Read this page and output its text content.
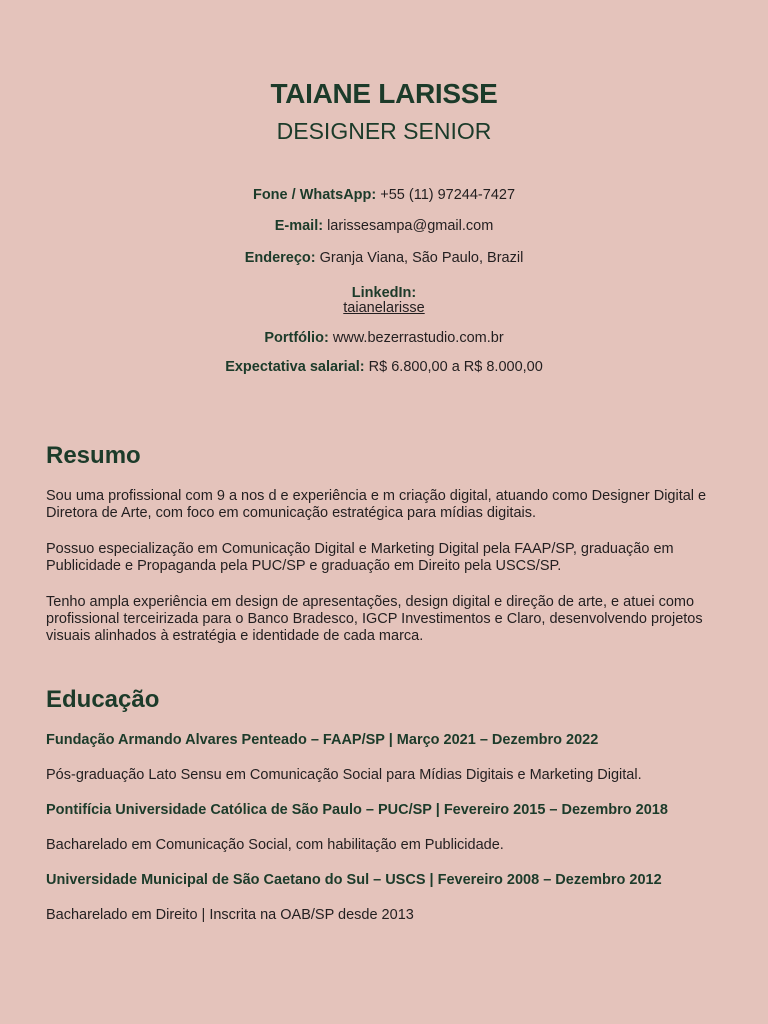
TAIANE LARISSE
DESIGNER SENIOR
Fone / WhatsApp: +55 (11) 97244-7427
E-mail: larissesampa@gmail.com
Endereço: Granja Viana, São Paulo, Brazil
LinkedIn:
taianelarisse
Portfólio: www.bezerrastudio.com.br
Expectativa salarial: R$ 6.800,00 a R$ 8.000,00
Resumo
Sou uma profissional com 9 a nos d e experiência e m criação digital, atuando como Designer Digital e Diretora de Arte, com foco em comunicação estratégica para mídias digitais.
Possuo especialização em Comunicação Digital e Marketing Digital pela FAAP/SP, graduação em Publicidade e Propaganda pela PUC/SP e graduação em Direito pela USCS/SP.
Tenho ampla experiência em design de apresentações, design digital e direção de arte, e atuei como profissional terceirizada para o Banco Bradesco, IGCP Investimentos e Claro, desenvolvendo projetos visuais alinhados à estratégia e identidade de cada marca.
Educação
Fundação Armando Alvares Penteado – FAAP/SP | Março 2021 – Dezembro 2022
Pós-graduação Lato Sensu em Comunicação Social para Mídias Digitais e Marketing Digital.
Pontifícia Universidade Católica de São Paulo – PUC/SP | Fevereiro 2015 – Dezembro 2018
Bacharelado em Comunicação Social, com habilitação em Publicidade.
Universidade Municipal de São Caetano do Sul – USCS | Fevereiro 2008 – Dezembro 2012
Bacharelado em Direito | Inscrita na OAB/SP desde 2013
